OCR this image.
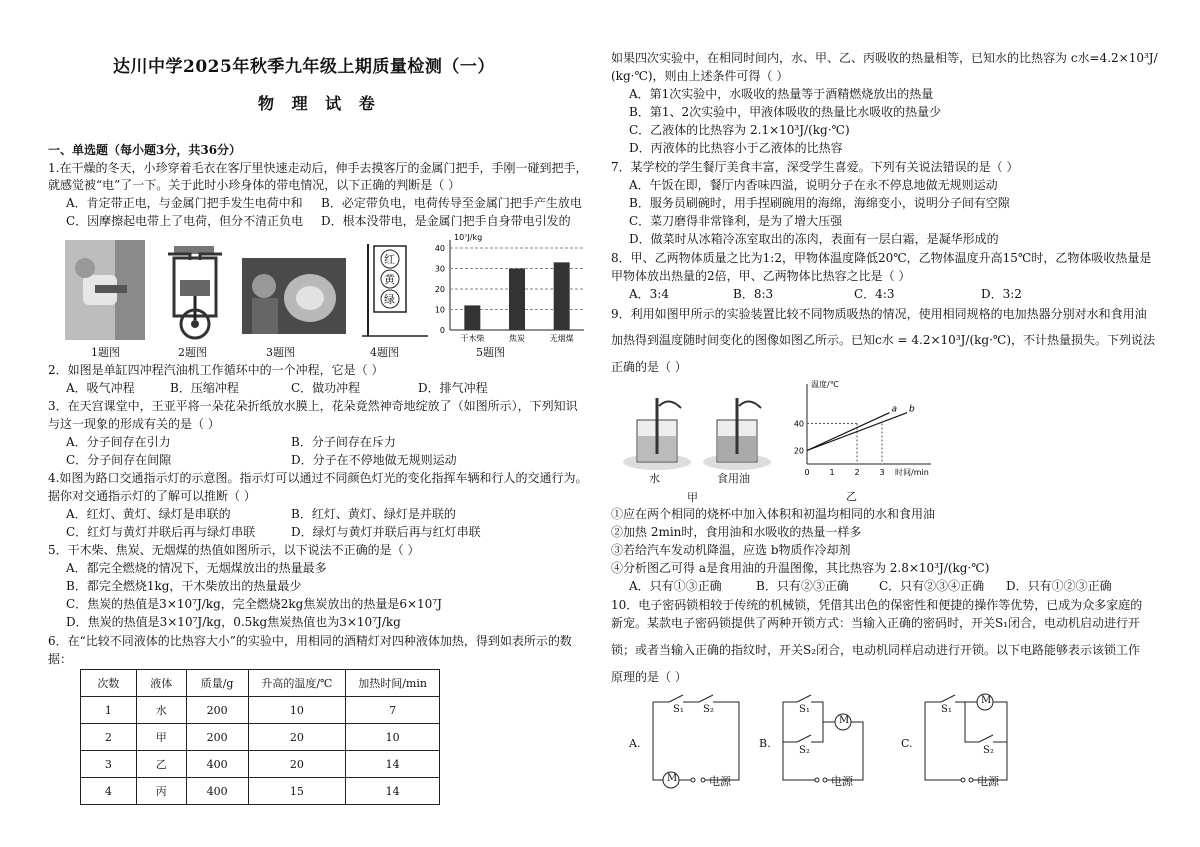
达川中学2025年秋季九年级上期质量检测（一）
物 理 试 卷
一、单选题（每小题3分，共36分）
1.在干燥的冬天，小珍穿着毛衣在客厅里快速走动后，伸手去摸客厅的金属门把手，手刚一碰到把手，
就感觉被“电”了一下。关于此时小珍身体的带电情况，以下正确的判断是（ ）
A．肯定带正电，与金属门把手发生电荷中和 B．必定带负电，电荷传导至金属门把手产生放电
C．因摩擦起电带上了电荷，但分不清正负电 D．根本没带电，是金属门把手自身带电引发的
红
黄
绿
0
10
20
30
40
10⁷J/kg
干木柴	焦炭	无烟煤
1题图	2题图	3题图	4题图	5题图
2．如图是单缸四冲程汽油机工作循环中的一个冲程，它是（ ）
A．吸气冲程	B．压缩冲程	C．做功冲程	D．排气冲程
3．在天宫课堂中，王亚平将一朵花朵折纸放水膜上，花朵竟然神奇地绽放了（如图所示），下列知识
与这一现象的形成有关的是（ ）
A．分子间存在引力	B．分子间存在斥力
C．分子间存在间隙	D．分子在不停地做无规则运动
4.如图为路口交通指示灯的示意图。指示灯可以通过不同颜色灯光的变化指挥车辆和行人的交通行为。
据你对交通指示灯的了解可以推断（ ）
A．红灯、黄灯、绿灯是串联的	B．红灯、黄灯、绿灯是并联的
C．红灯与黄灯并联后再与绿灯串联	D．绿灯与黄灯并联后再与红灯串联
5．干木柴、焦炭、无烟煤的热值如图所示，以下说法不正确的是（ ）
A．都完全燃烧的情况下，无烟煤放出的热量最多
B．都完全燃烧1kg，干木柴放出的热量最少
C．焦炭的热值是3×10⁷J/kg，完全燃烧2kg焦炭放出的热量是6×10⁷J
D．焦炭的热值是3×10⁷J/kg，0.5kg焦炭热值也为3×10⁷J/kg
6．在“比较不同液体的比热容大小”的实验中，用相同的酒精灯对四种液体加热，得到如表所示的数
据：
次数	液体	质量/g	升高的温度/℃	加热时间/min
1	水	200	10	7
2	甲	200	20	10
3	乙	400	20	14
4	丙	400	15	14
如果四次实验中，在相同时间内，水、甲、乙、丙吸收的热量相等，已知水的比热容为 c水=4.2×10³J/
(kg·℃)，则由上述条件可得（ ）
A．第1次实验中，水吸收的热量等于酒精燃烧放出的热量
B．第1、2次实验中，甲液体吸收的热量比水吸收的热量少
C．乙液体的比热容为 2.1×10³J/(kg·℃)
D．丙液体的比热容小于乙液体的比热容
7．某学校的学生餐厅美食丰富，深受学生喜爱。下列有关说法错误的是（ ）
A．午饭在即，餐厅内香味四溢，说明分子在永不停息地做无规则运动
B．服务员刷碗时，用手捏刷碗用的海绵，海绵变小，说明分子间有空隙
C．菜刀磨得非常锋利，是为了增大压强
D．做菜时从冰箱冷冻室取出的冻肉，表面有一层白霜，是凝华形成的
8．甲、乙两物体质量之比为1:2，甲物体温度降低20℃，乙物体温度升高15℃时，乙物体吸收热量是
甲物体放出热量的2倍，甲、乙两物体比热容之比是（ ）
A．3:4	B．8:3	C．4:3	D．3:2
9．利用如图甲所示的实验装置比较不同物质吸热的情况，使用相同规格的电加热器分别对水和食用油
加热得到温度随时间变化的图像如图乙所示。已知c水 = 4.2×10³J/(kg·℃)，不计热量损失。下列说法
正确的是（ ）
水	食用油
甲
温度/℃
时间/min
0 1 2 3
20
40
a b
乙
①应在两个相同的烧杯中加入体积和初温均相同的水和食用油
②加热 2min时，食用油和水吸收的热量一样多
③若给汽车发动机降温，应选 b物质作冷却剂
④分析图乙可得 a是食用油的升温图像，其比热容为 2.8×10³J/(kg·℃)
A．只有①③正确	B．只有②③正确	C．只有②③④正确 D．只有①②③正确
10．电子密码锁相较于传统的机械锁，凭借其出色的保密性和便捷的操作等优势，已成为众多家庭的
新宠。某款电子密码锁提供了两种开锁方式：当输入正确的密码时，开关S₁闭合，电动机启动进行开
锁；或者当输入正确的指纹时，开关S₂闭合，电动机同样启动进行开锁。以下电路能够表示该锁工作
原理的是（ ）
A.
M
S₁ S₂
电源
B.
M
S₁
S₂
电源
C.
M
S₁
S₂
电源
